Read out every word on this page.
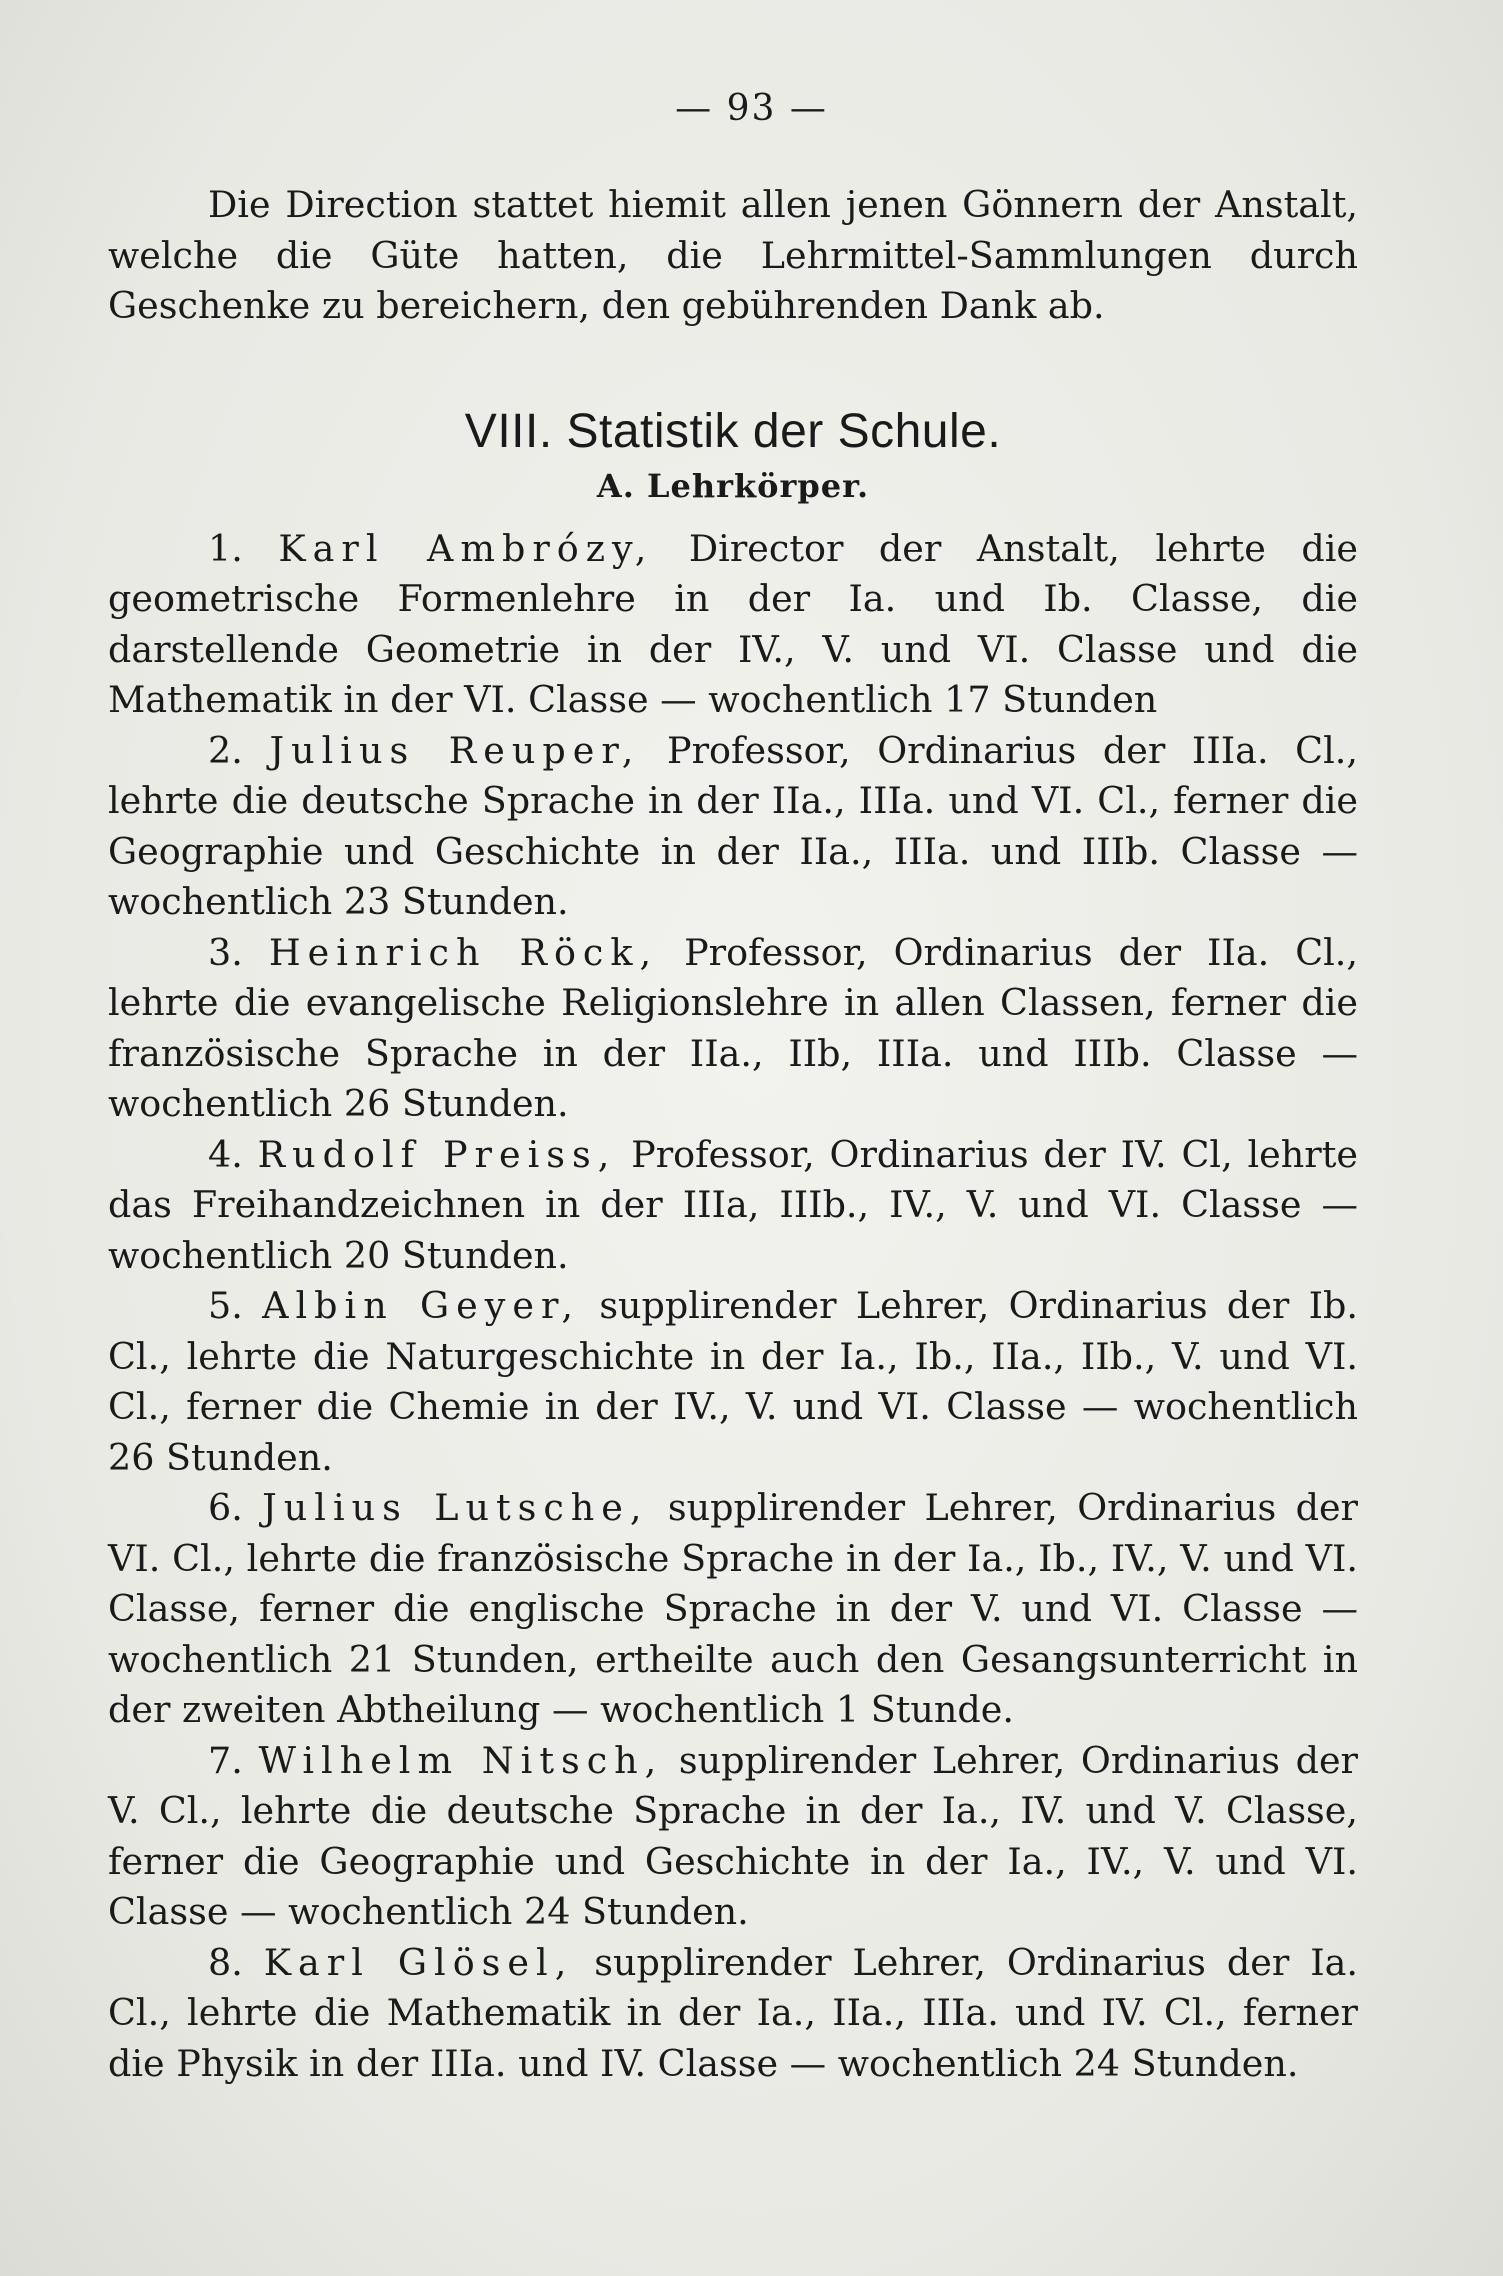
— 93 —

Die Direction stattet hiemit allen jenen Gönnern der Anstalt, welche die Güte hatten, die Lehrmittel-Sammlungen durch Geschenke zu bereichern, den gebührenden Dank ab.

VIII. Statistik der Schule.
A. Lehrkörper.

1. Karl Ambrózy, Director der Anstalt, lehrte die geometrische Formenlehre in der Ia. und Ib. Classe, die darstellende Geometrie in der IV., V. und VI. Classe und die Mathematik in der VI. Classe — wochentlich 17 Stunden

2. Julius Reuper, Professor, Ordinarius der IIIa. Cl., lehrte die deutsche Sprache in der IIa., IIIa. und VI. Cl., ferner die Geographie und Geschichte in der IIa., IIIa. und IIIb. Classe — wochentlich 23 Stunden.

3. Heinrich Röck, Professor, Ordinarius der IIa. Cl., lehrte die evangelische Religionslehre in allen Classen, ferner die französische Sprache in der IIa., IIb, IIIa. und IIIb. Classe — wochentlich 26 Stunden.

4. Rudolf Preiss, Professor, Ordinarius der IV. Cl, lehrte das Freihandzeichnen in der IIIa, IIIb., IV., V. und VI. Classe — wochentlich 20 Stunden.

5. Albin Geyer, supplirender Lehrer, Ordinarius der Ib. Cl., lehrte die Naturgeschichte in der Ia., Ib., IIa., IIb., V. und VI. Cl., ferner die Chemie in der IV., V. und VI. Classe — wochentlich 26 Stunden.

6. Julius Lutsche, supplirender Lehrer, Ordinarius der VI. Cl., lehrte die französische Sprache in der Ia., Ib., IV., V. und VI. Classe, ferner die englische Sprache in der V. und VI. Classe — wochentlich 21 Stunden, ertheilte auch den Gesangsunterricht in der zweiten Abtheilung — wochentlich 1 Stunde.

7. Wilhelm Nitsch, supplirender Lehrer, Ordinarius der V. Cl., lehrte die deutsche Sprache in der Ia., IV. und V. Classe, ferner die Geographie und Geschichte in der Ia., IV., V. und VI. Classe — wochentlich 24 Stunden.

8. Karl Glösel, supplirender Lehrer, Ordinarius der Ia. Cl., lehrte die Mathematik in der Ia., IIa., IIIa. und IV. Cl., ferner die Physik in der IIIa. und IV. Classe — wochentlich 24 Stunden.
